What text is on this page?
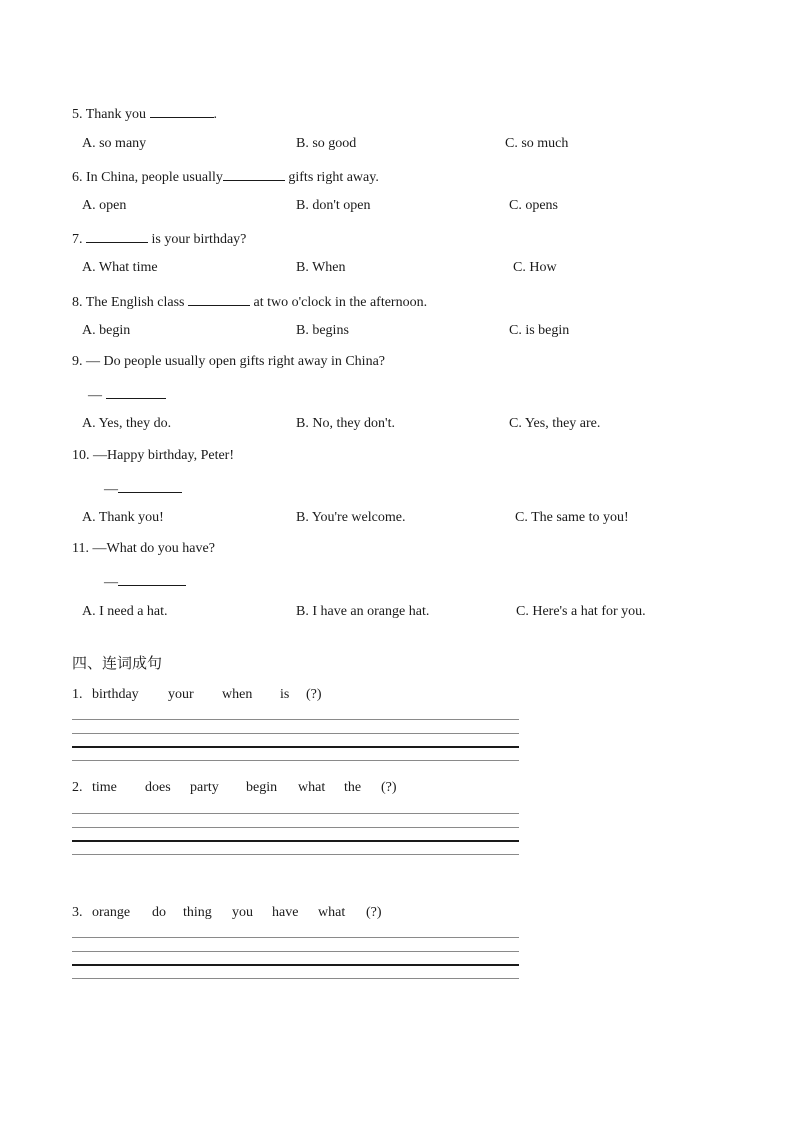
5. Thank you	.
A. so many	B. so good	C. so much
6. In China, people usually	gifts right away.
A. open	B. don't open	C. opens
7.	is your birthday?
A. What time	B. When	C. How
8. The English class	at two o'clock in the afternoon.
A. begin	B. begins	C. is begin
9. — Do people usually open gifts right away in China?
—
A. Yes, they do.	B. No, they don't.	C. Yes, they are.
10. —Happy birthday, Peter!
—
A. Thank you!	B. You're welcome.	C. The same to you!
11. —What do you have?
—
A. I need a hat.	B. I have an orange hat.	C. Here's a hat for you.
四、连词成句
1. birthday your when is (?)
2. time does party begin what the (?)
3. orange do thing you have what (?)
